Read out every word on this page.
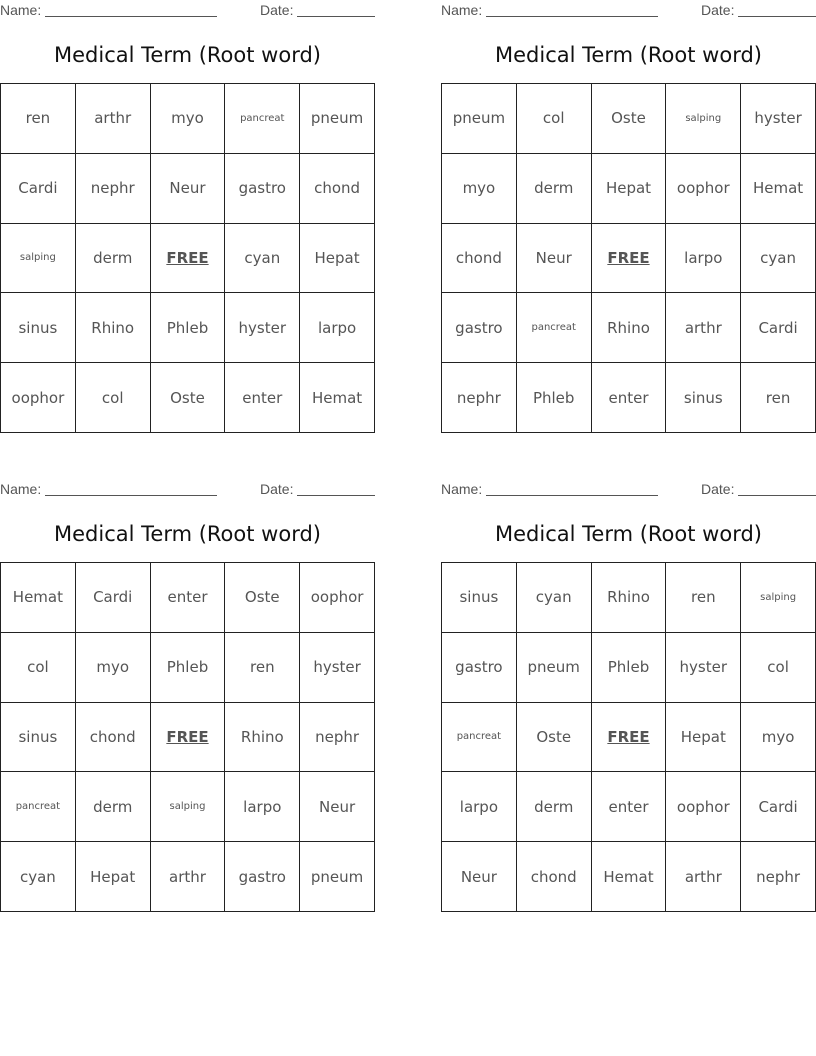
Name:	Date:
Medical Term (Root word)
ren	arthr	myo	pancreat	pneum
Cardi	nephr	Neur	gastro	chond
salping	derm	FREE	cyan	Hepat
sinus	Rhino	Phleb	hyster	larpo
oophor	col	Oste	enter	Hemat
Name:	Date:
Medical Term (Root word)
pneum	col	Oste	salping	hyster
myo	derm	Hepat	oophor	Hemat
chond	Neur	FREE	larpo	cyan
gastro	pancreat	Rhino	arthr	Cardi
nephr	Phleb	enter	sinus	ren
Name:	Date:
Medical Term (Root word)
Hemat	Cardi	enter	Oste	oophor
col	myo	Phleb	ren	hyster
sinus	chond	FREE	Rhino	nephr
pancreat	derm	salping	larpo	Neur
cyan	Hepat	arthr	gastro	pneum
Name:	Date:
Medical Term (Root word)
sinus	cyan	Rhino	ren	salping
gastro	pneum	Phleb	hyster	col
pancreat	Oste	FREE	Hepat	myo
larpo	derm	enter	oophor	Cardi
Neur	chond	Hemat	arthr	nephr
